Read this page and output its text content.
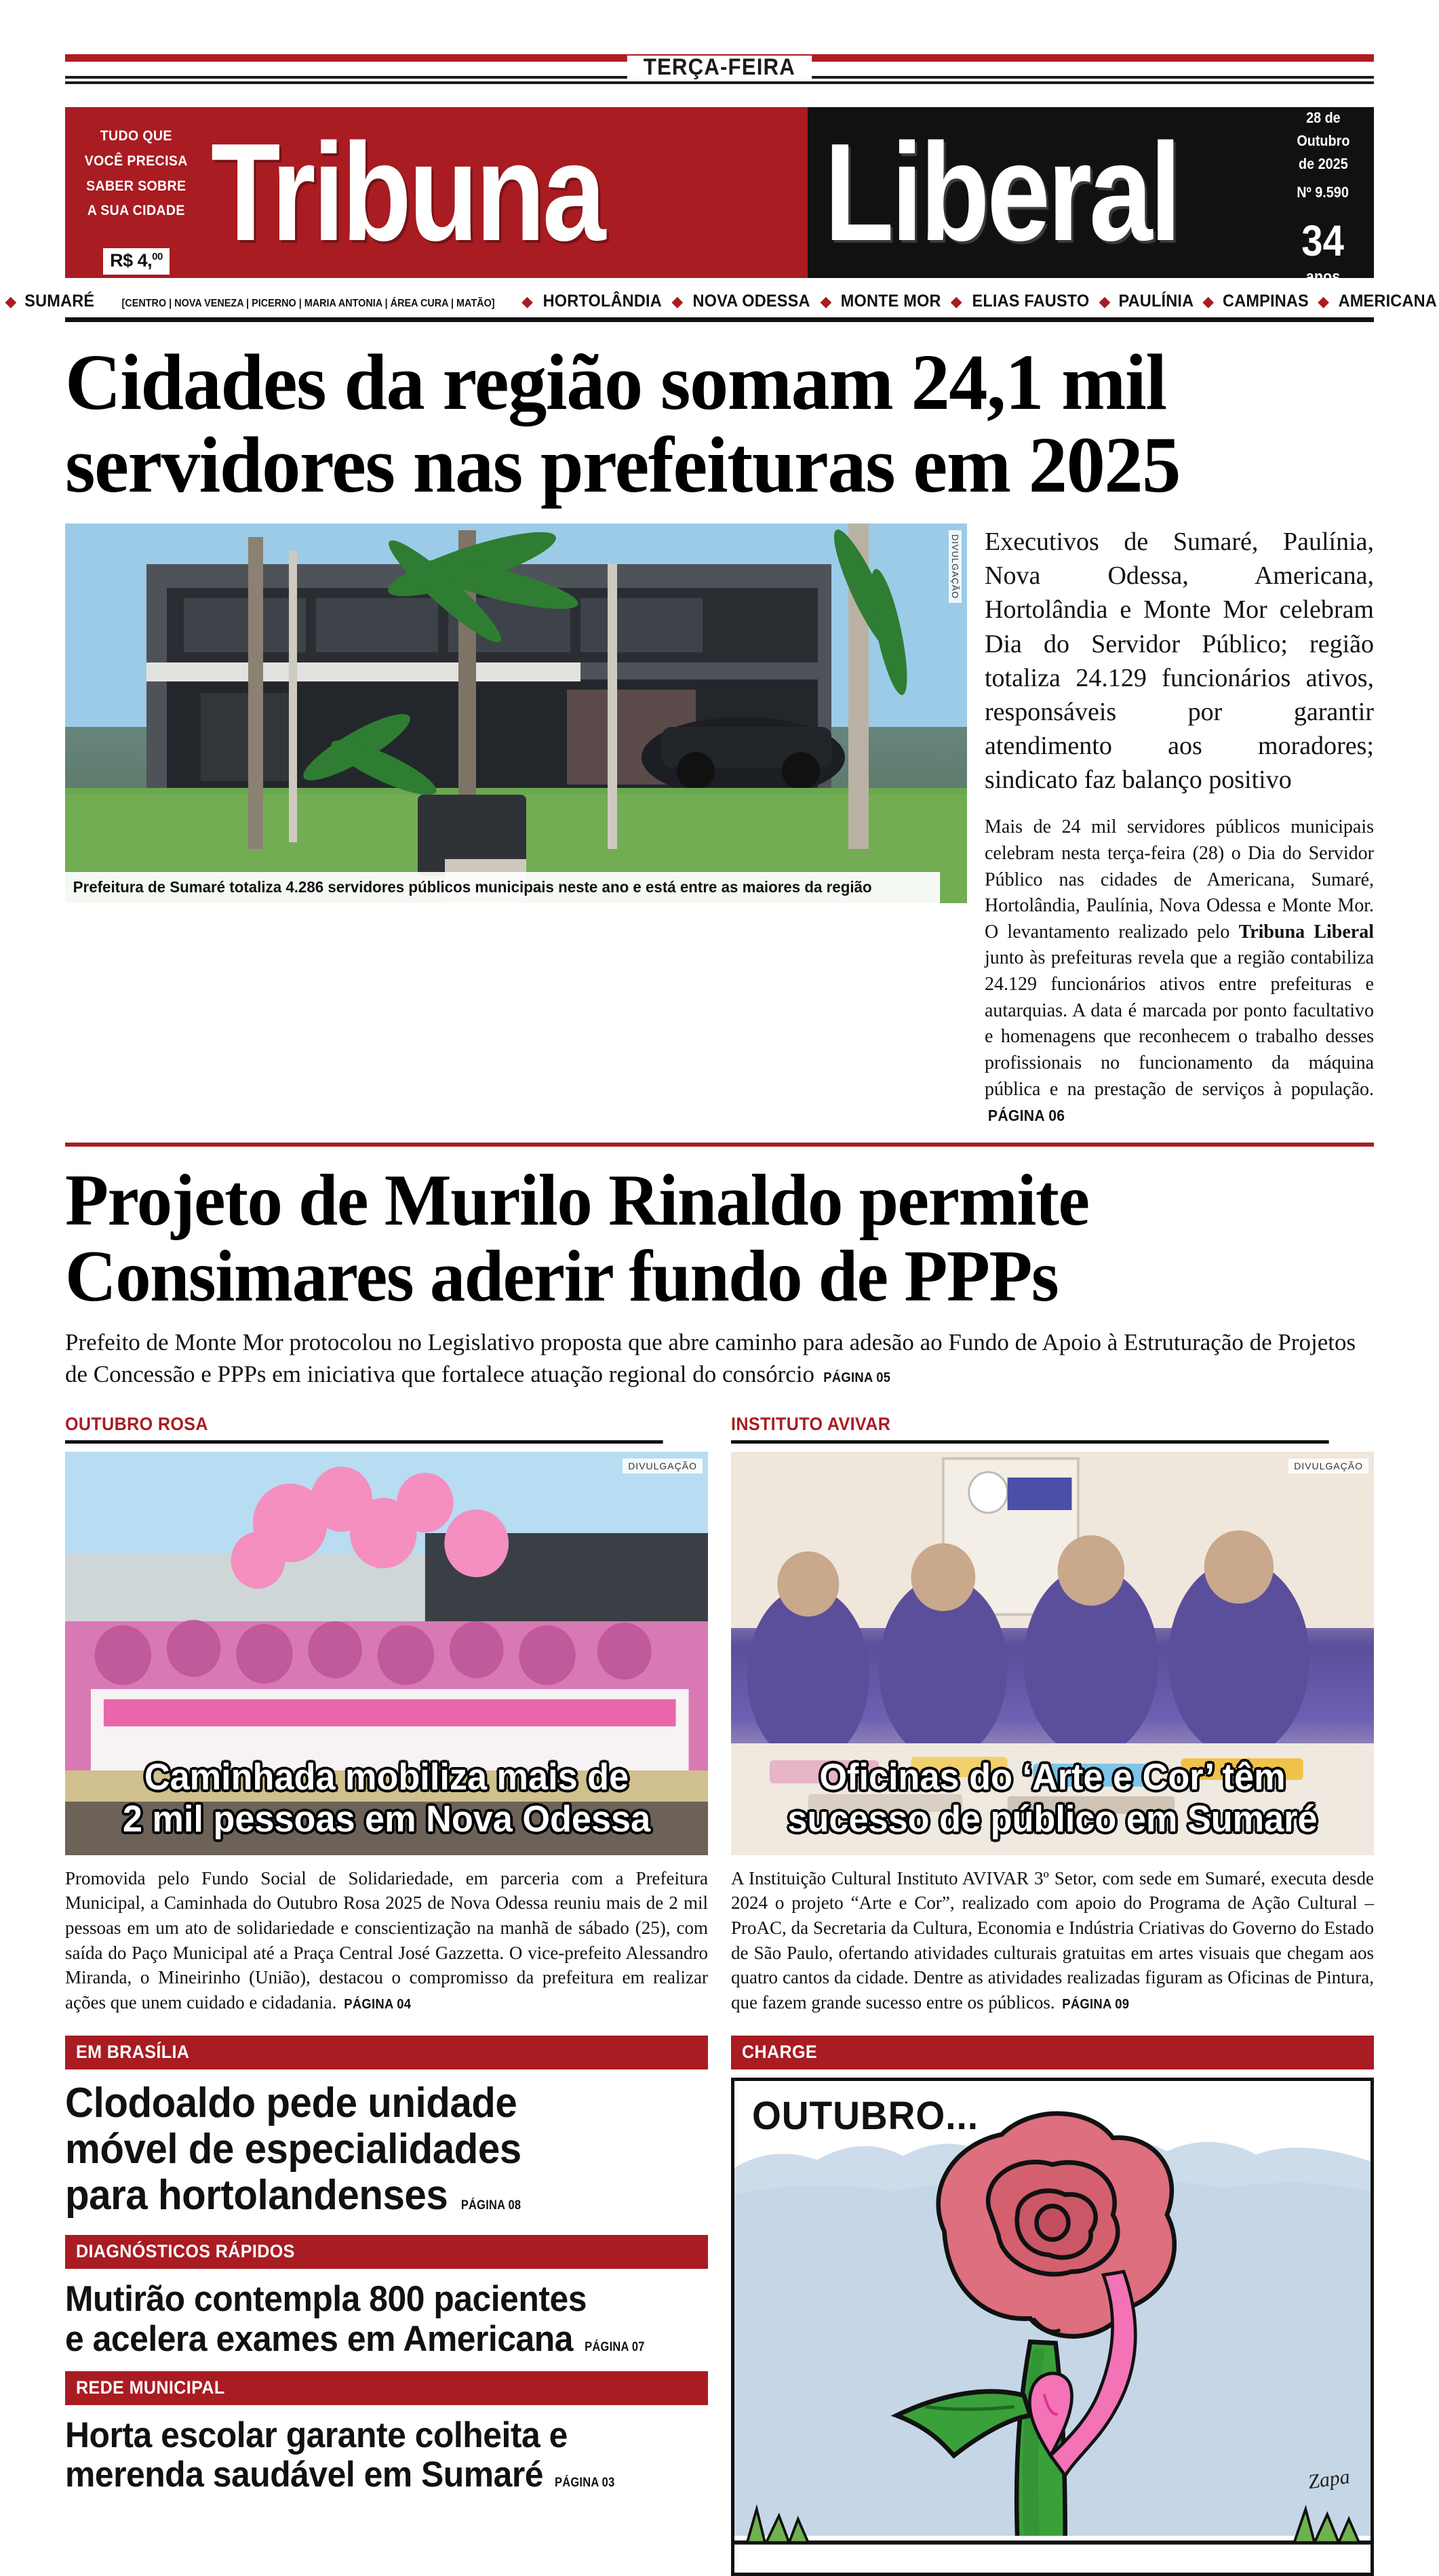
TERÇA-FEIRA
TUDO QUE
VOCÊ PRECISA
SABER SOBRE
A SUA CIDADE
R$ 4,00 Tribuna	Liberal	28 de
Outubro
de 2025
Nº 9.590
34
anos
◆ SUMARÉ [CENTRO | NOVA VENEZA | PICERNO | MARIA ANTONIA | ÁREA CURA | MATÃO] ◆ HORTOLÂNDIA ◆ NOVA ODESSA ◆ MONTE MOR ◆ ELIAS FAUSTO ◆ PAULÍNIA ◆ CAMPINAS ◆ AMERICANA
Cidades da região somam 24,1 mil
servidores nas prefeituras em 2025
DIVULGAÇÃO
Prefeitura de Sumaré totaliza 4.286 servidores públicos municipais neste ano e está entre as maiores da região

Executivos de Sumaré, Paulínia, Nova Odessa, Americana, Hortolândia e Monte Mor celebram Dia do Servidor Público; região totaliza 24.129 funcionários ativos, responsáveis por garantir atendimento aos moradores; sindicato faz balanço positivo

Mais de 24 mil servidores públicos municipais celebram nesta terça-feira (28) o Dia do Servidor Público nas cidades de Americana, Sumaré, Hortolândia, Paulínia, Nova Odessa e Monte Mor. O levantamento realizado pelo Tribuna Liberal junto às prefeituras revela que a região contabiliza 24.129 funcionários ativos entre prefeituras e autarquias. A data é marcada por ponto facultativo e homenagens que reconhecem o trabalho desses profissionais no funcionamento da máquina pública e na prestação de serviços à população. PÁGINA 06

Projeto de Murilo Rinaldo permite
Consimares aderir fundo de PPPs

Prefeito de Monte Mor protocolou no Legislativo proposta que abre caminho para adesão ao Fundo de Apoio à Estruturação de Projetos de Concessão e PPPs em iniciativa que fortalece atuação regional do consórcio PÁGINA 05

OUTUBRO ROSA
DIVULGAÇÃO
Caminhada mobiliza mais de
2 mil pessoas em Nova Odessa

Promovida pelo Fundo Social de Solidariedade, em parceria com a Prefeitura Municipal, a Caminhada do Outubro Rosa 2025 de Nova Odessa reuniu mais de 2 mil pessoas em um ato de solidariedade e conscientização na manhã de sábado (25), com saída do Paço Municipal até a Praça Central José Gazzetta. O vice-prefeito Alessandro Miranda, o Mineirinho (União), destacou o compromisso da prefeitura em realizar ações que unem cuidado e cidadania. PÁGINA 04

INSTITUTO AVIVAR
DIVULGAÇÃO
Oficinas do ‘Arte e Cor’ têm
sucesso de público em Sumaré

A Instituição Cultural Instituto AVIVAR 3º Setor, com sede em Sumaré, executa desde 2024 o projeto “Arte e Cor”, realizado com apoio do Programa de Ação Cultural – ProAC, da Secretaria da Cultura, Economia e Indústria Criativas do Governo do Estado de São Paulo, ofertando atividades culturais gratuitas em artes visuais que chegam aos quatro cantos da cidade. Dentre as atividades realizadas figuram as Oficinas de Pintura, que fazem grande sucesso entre os públicos. PÁGINA 09

EM BRASÍLIA
Clodoaldo pede unidade
móvel de especialidades
para hortolandenses PÁGINA 08
DIAGNÓSTICOS RÁPIDOS
Mutirão contempla 800 pacientes
e acelera exames em Americana PÁGINA 07
REDE MUNICIPAL
Horta escolar garante colheita e
merenda saudável em Sumaré PÁGINA 03
CHARGE
OUTUBRO...
Zapa
